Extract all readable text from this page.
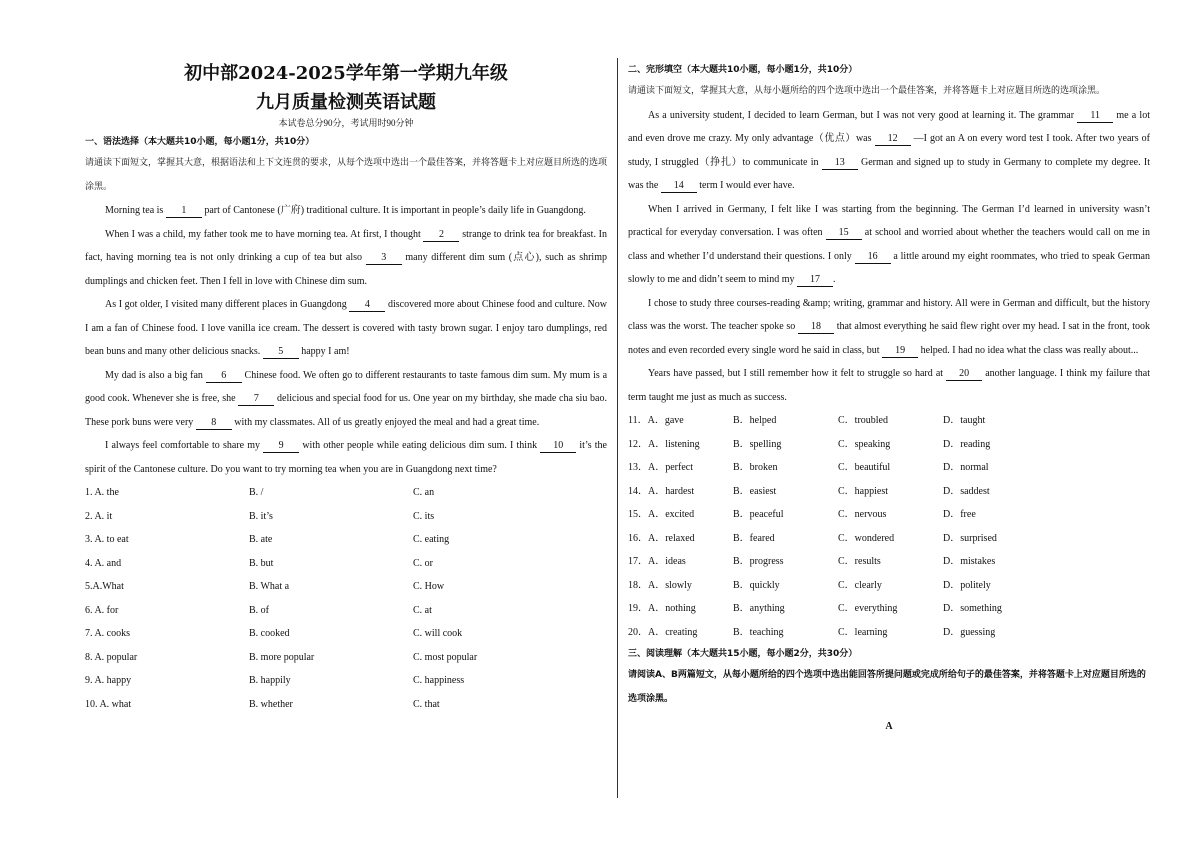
初中部2024-2025学年第一学期九年级
九月质量检测英语试题
本试卷总分90分，考试用时90分钟
一、语法选择（本大题共10小题，每小题1分，共10分）
请通读下面短文，掌握其大意，根据语法和上下文连贯的要求，从每个选项中选出一个最佳答案，并将答题卡上对应题目所选的选项涂黑。
Morning tea is 1 part of Cantonese (广府) traditional culture. It is important in people’s daily life in Guangdong.
When I was a child, my father took me to have morning tea. At first, I thought 2 strange to drink tea for breakfast. In fact, having morning tea is not only drinking a cup of tea but also 3 many different dim sum (点心), such as shrimp dumplings and chicken feet. Then I fell in love with Chinese dim sum.
As I got older, I visited many different places in Guangdong 4 discovered more about Chinese food and culture. Now I am a fan of Chinese food. I love vanilla ice cream. The dessert is covered with tasty brown sugar. I enjoy taro dumplings, red bean buns and many other delicious snacks. 5 happy I am!
My dad is also a big fan 6 Chinese food. We often go to different restaurants to taste famous dim sum. My mum is a good cook. Whenever she is free, she 7 delicious and special food for us. One year on my birthday, she made cha siu bao. These pork buns were very 8 with my classmates. All of us greatly enjoyed the meal and had a great time.
I always feel comfortable to share my 9 with other people while eating delicious dim sum. I think 10 it’s the spirit of the Cantonese culture. Do you want to try morning tea when you are in Guangdong next time?
1. A. the	B. /	C. an
2. A. it	B. it’s	C. its
3. A. to eat	B. ate	C. eating
4. A. and	B. but	C. or
5.A.What	B. What a	C. How
6. A. for	B. of	C. at
7. A. cooks	B. cooked	C. will cook
8. A. popular	B. more popular	C. most popular
9. A. happy	B. happily	C. happiness
10. A. what	B. whether	C. that
二、完形填空（本大题共10小题，每小题1分，共10分）
请通读下面短文，掌握其大意，从每小题所给的四个选项中选出一个最佳答案，并将答题卡上对应题目所选的选项涂黑。
As a university student, I decided to learn German, but I was not very good at learning it. The grammar 11 me a lot and even drove me crazy. My only advantage（优点）was 12 —I got an A on every word test I took. After two years of study, I struggled（挣扎）to communicate in 13 German and signed up to study in Germany to complete my degree. It was the 14 term I would ever have.
When I arrived in Germany, I felt like I was starting from the beginning. The German I’d learned in university wasn’t practical for everyday conversation. I was often 15 at school and worried about whether the teachers would call on me in class and whether I’d understand their questions. I only 16 a little around my eight roommates, who tried to speak German slowly to me and didn’t seem to mind my 17 .
I chose to study three courses-reading &amp; writing, grammar and history. All were in German and difficult, but the history class was the worst. The teacher spoke so 18 that almost everything he said flew right over my head. I sat in the front, took notes and even recorded every single word he said in class, but 19 helped. I had no idea what the class was really about...
Years have passed, but I still remember how it felt to struggle so hard at 20 another language. I think my failure that term taught me just as much as success.
11．A．gave	B．helped	C．troubled	D．taught
12．A．listening	B．spelling	C．speaking	D．reading
13．A．perfect	B．broken	C．beautiful	D．normal
14．A．hardest	B．easiest	C．happiest	D．saddest
15．A．excited	B．peaceful	C．nervous	D．free
16．A．relaxed	B．feared	C．wondered	D．surprised
17．A．ideas	B．progress	C．results	D．mistakes
18．A．slowly	B．quickly	C．clearly	D．politely
19．A．nothing	B．anything	C．everything	D．something
20．A．creating	B．teaching	C．learning	D．guessing
三、阅读理解（本大题共15小题，每小题2分，共30分）
请阅读A、B两篇短文，从每小题所给的四个选项中选出能回答所提问题或完成所给句子的最佳答案，并将答题卡上对应题目所选的选项涂黑。
A
